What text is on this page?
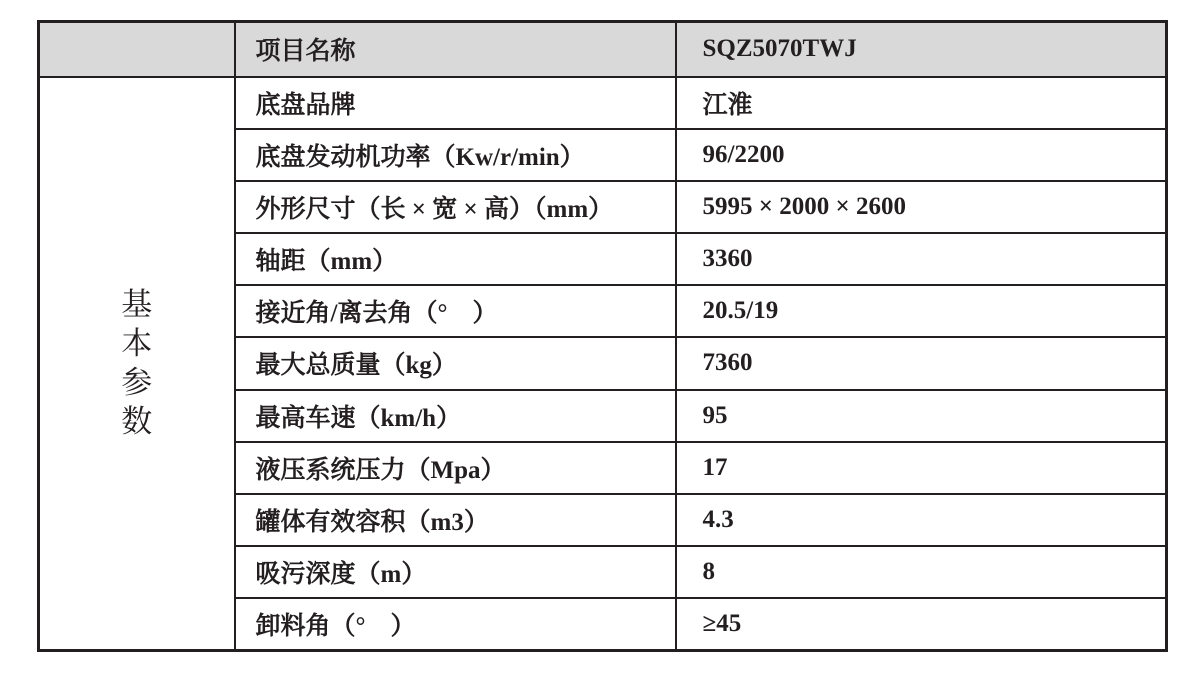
	项目名称	SQZ5070TWJ

基本参数	底盘品牌	江淮
	底盘发动机功率（Kw/r/min）	96/2200
	外形尺寸（长 × 宽 × 高）（mm）	5995 × 2000 × 2600
	轴距（mm）	3360
	接近角/离去角（°　）	20.5/19
	最大总质量（kg）	7360
	最高车速（km/h）	95
	液压系统压力（Mpa）	17
	罐体有效容积（m3）	4.3
	吸污深度（m）	8
	卸料角（°　）	≥45
